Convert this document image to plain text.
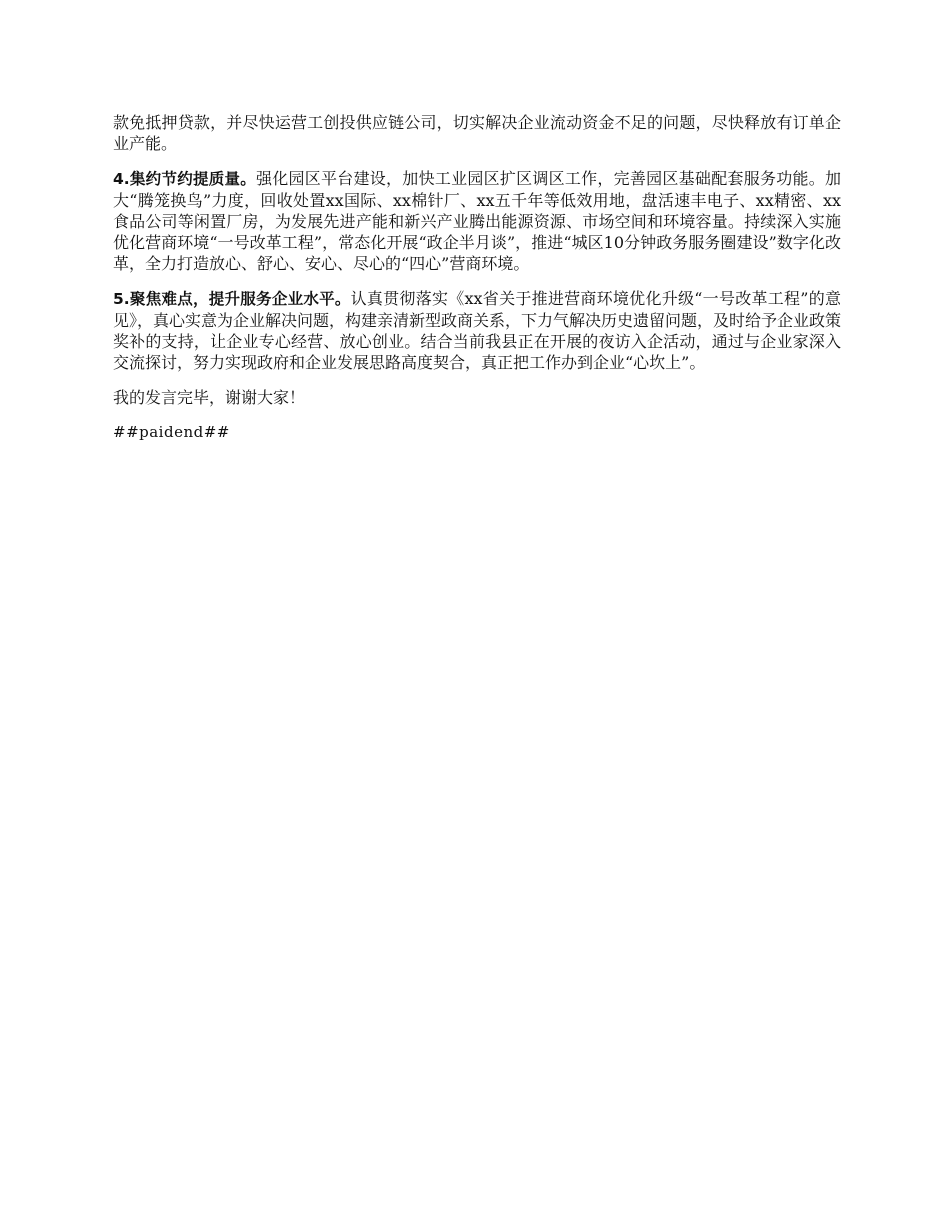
款免抵押贷款，并尽快运营工创投供应链公司，切实解决企业流动资金不足的问题，尽快释放有订单企业产能。

4.集约节约提质量。强化园区平台建设，加快工业园区扩区调区工作，完善园区基础配套服务功能。加大“腾笼换鸟”力度，回收处置xx国际、xx棉针厂、xx五千年等低效用地，盘活速丰电子、xx精密、xx食品公司等闲置厂房，为发展先进产能和新兴产业腾出能源资源、市场空间和环境容量。持续深入实施优化营商环境“一号改革工程”，常态化开展“政企半月谈”，推进“城区10分钟政务服务圈建设”数字化改革，全力打造放心、舒心、安心、尽心的“四心”营商环境。

5.聚焦难点，提升服务企业水平。认真贯彻落实《xx省关于推进营商环境优化升级“一号改革工程”的意见》，真心实意为企业解决问题，构建亲清新型政商关系，下力气解决历史遗留问题，及时给予企业政策奖补的支持，让企业专心经营、放心创业。结合当前我县正在开展的夜访入企活动，通过与企业家深入交流探讨，努力实现政府和企业发展思路高度契合，真正把工作办到企业“心坎上”。

我的发言完毕，谢谢大家！

##paidend##
